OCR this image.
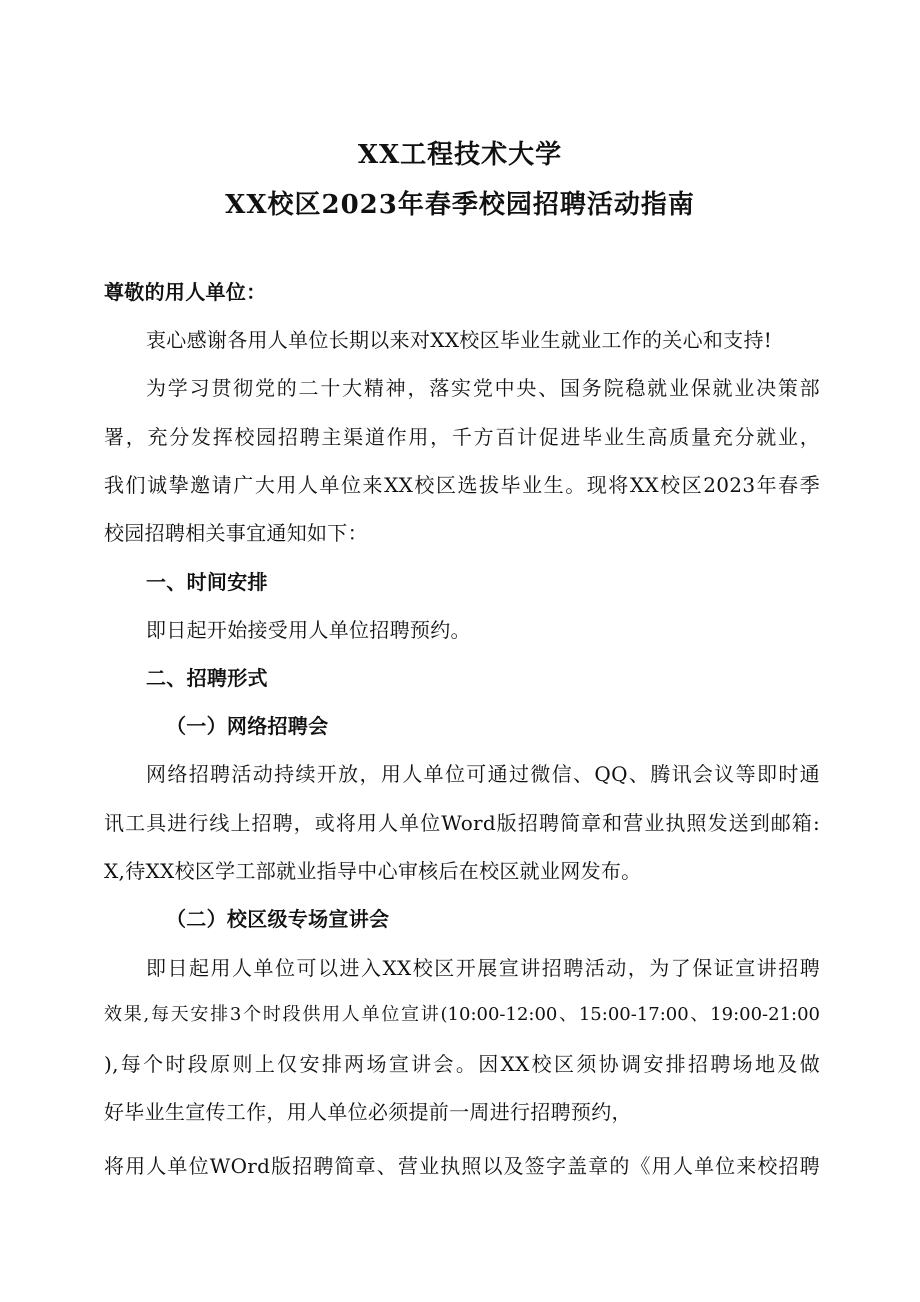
XX工程技术大学
XX校区2023年春季校园招聘活动指南
尊敬的用人单位：
衷心感谢各用人单位长期以来对XX校区毕业生就业工作的关心和支持!
为学习贯彻党的二十大精神，落实党中央、国务院稳就业保就业决策部
署，充分发挥校园招聘主渠道作用，千方百计促进毕业生高质量充分就业，
我们诚挚邀请广大用人单位来XX校区选拔毕业生。现将XX校区2023年春季
校园招聘相关事宜通知如下：
一、时间安排
即日起开始接受用人单位招聘预约。
二、招聘形式
（一）网络招聘会
网络招聘活动持续开放，用人单位可通过微信、QQ、腾讯会议等即时通
讯工具进行线上招聘，或将用人单位Word版招聘简章和营业执照发送到邮箱:
X,待XX校区学工部就业指导中心审核后在校区就业网发布。
（二）校区级专场宣讲会
即日起用人单位可以进入XX校区开展宣讲招聘活动，为了保证宣讲招聘
效果,每天安排3个时段供用人单位宣讲(10:00-12:00、15:00-17:00、19:00-21:00
),每个时段原则上仅安排两场宣讲会。因XX校区须协调安排招聘场地及做
好毕业生宣传工作，用人单位必须提前一周进行招聘预约，
将用人单位WOrd版招聘简章、营业执照以及签字盖章的《用人单位来校招聘
